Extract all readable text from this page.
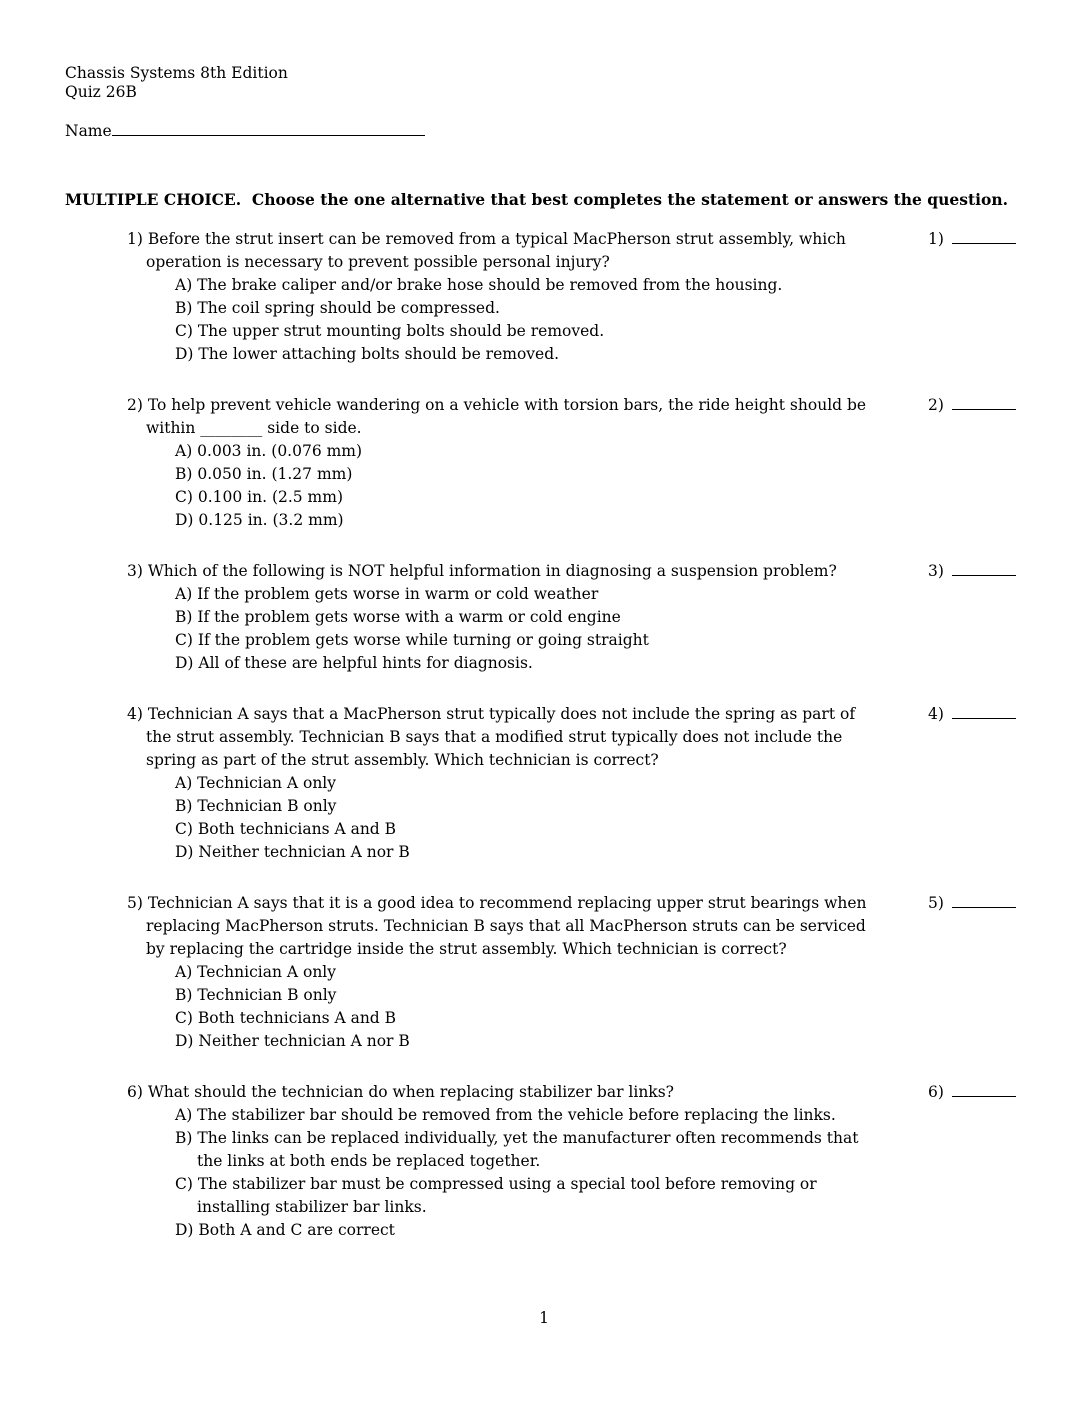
Chassis Systems 8th Edition
Quiz 26B
Name
MULTIPLE CHOICE.  Choose the one alternative that best completes the statement or answers the question.
1) Before the strut insert can be removed from a typical MacPherson strut assembly, which operation is necessary to prevent possible personal injury?
A) The brake caliper and/or brake hose should be removed from the housing.
B) The coil spring should be compressed.
C) The upper strut mounting bolts should be removed.
D) The lower attaching bolts should be removed.
1)
2) To help prevent vehicle wandering on a vehicle with torsion bars, the ride height should be within ________ side to side.
A) 0.003 in. (0.076 mm)
B) 0.050 in. (1.27 mm)
C) 0.100 in. (2.5 mm)
D) 0.125 in. (3.2 mm)
2)
3) Which of the following is NOT helpful information in diagnosing a suspension problem?
A) If the problem gets worse in warm or cold weather
B) If the problem gets worse with a warm or cold engine
C) If the problem gets worse while turning or going straight
D) All of these are helpful hints for diagnosis.
3)
4) Technician A says that a MacPherson strut typically does not include the spring as part of the strut assembly. Technician B says that a modified strut typically does not include the spring as part of the strut assembly. Which technician is correct?
A) Technician A only
B) Technician B only
C) Both technicians A and B
D) Neither technician A nor B
4)
5) Technician A says that it is a good idea to recommend replacing upper strut bearings when replacing MacPherson struts. Technician B says that all MacPherson struts can be serviced by replacing the cartridge inside the strut assembly. Which technician is correct?
A) Technician A only
B) Technician B only
C) Both technicians A and B
D) Neither technician A nor B
5)
6) What should the technician do when replacing stabilizer bar links?
A) The stabilizer bar should be removed from the vehicle before replacing the links.
B) The links can be replaced individually, yet the manufacturer often recommends that the links at both ends be replaced together.
C) The stabilizer bar must be compressed using a special tool before removing or installing stabilizer bar links.
D) Both A and C are correct
6)
1
